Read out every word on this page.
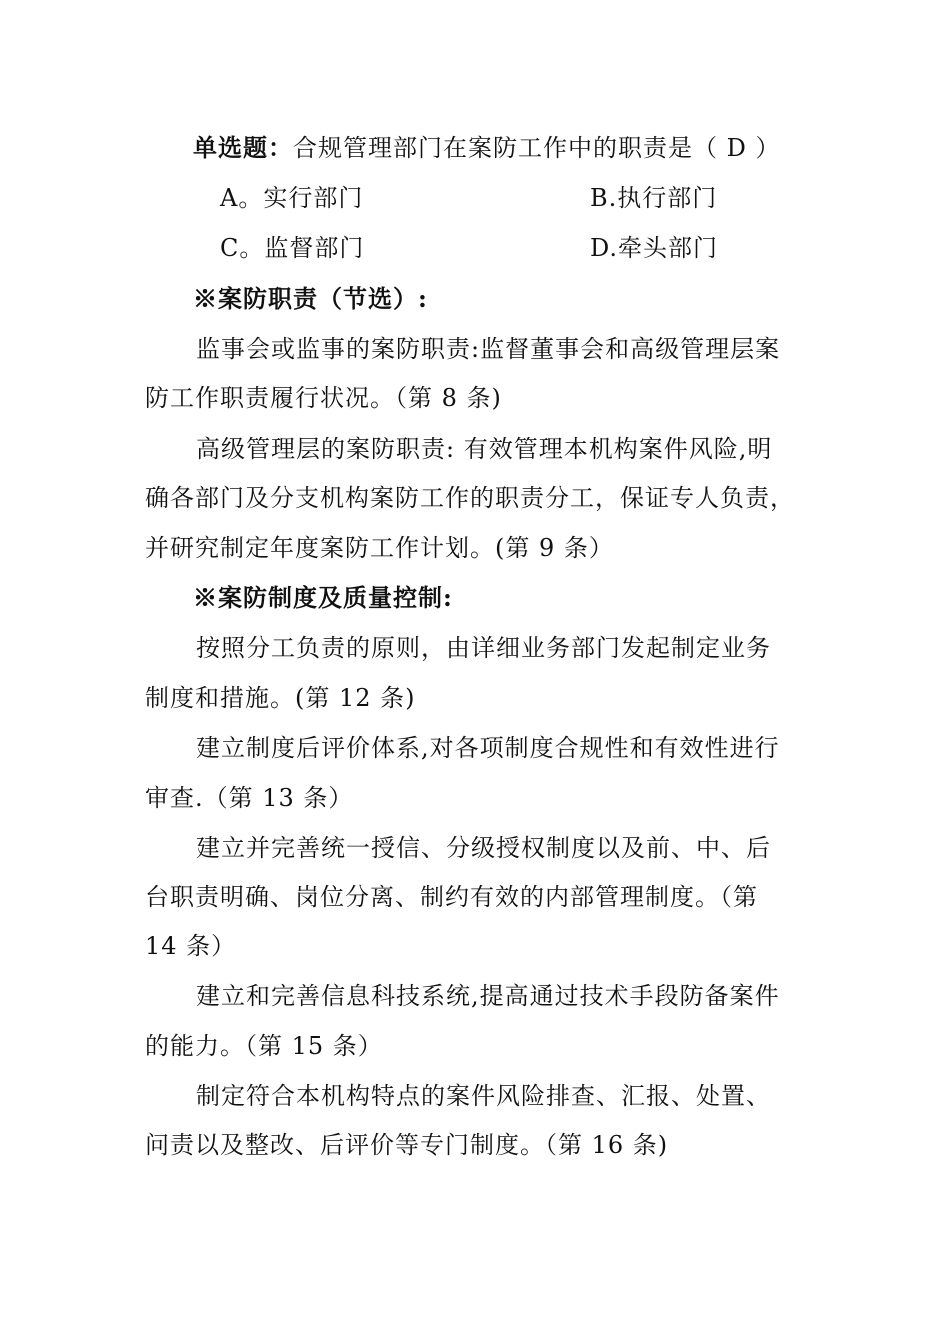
单选题：合规管理部门在案防工作中的职责是（ D ）
A。实行部门	B.执行部门
C。监督部门	D.牵头部门
※案防职责（节选）:
监事会或监事的案防职责:监督董事会和高级管理层案
防工作职责履行状况。（第 8 条)
高级管理层的案防职责: 有效管理本机构案件风险,明
确各部门及分支机构案防工作的职责分工，保证专人负责，
并研究制定年度案防工作计划。(第 9 条）
※案防制度及质量控制:
按照分工负责的原则，由详细业务部门发起制定业务
制度和措施。(第 12 条)
建立制度后评价体系,对各项制度合规性和有效性进行
审查.（第 13 条）
建立并完善统一授信、分级授权制度以及前、中、后
台职责明确、岗位分离、制约有效的内部管理制度。（第
14 条）
建立和完善信息科技系统,提高通过技术手段防备案件
的能力。（第 15 条）
制定符合本机构特点的案件风险排查、汇报、处置、
问责以及整改、后评价等专门制度。（第 16 条)
